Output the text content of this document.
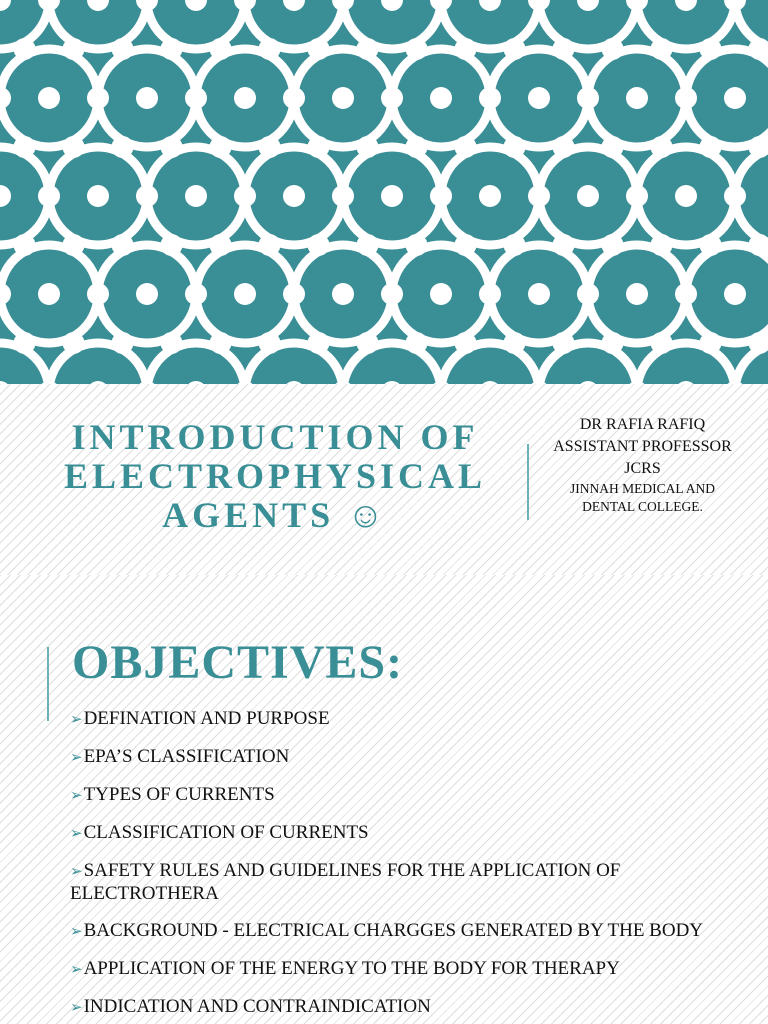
INTRODUCTION OF

ELECTROPHYSICAL

AGENTS ☺

DR RAFIA RAFIQ
ASSISTANT PROFESSOR
JCRS
JINNAH MEDICAL AND
DENTAL COLLEGE.
OBJECTIVES:
➢DEFINATION AND PURPOSE
➢EPA’S CLASSIFICATION
➢TYPES OF CURRENTS
➢CLASSIFICATION OF CURRENTS
➢SAFETY RULES AND GUIDELINES FOR THE APPLICATION OF ELECTROTHERA
➢BACKGROUND - ELECTRICAL CHARGGES GENERATED BY THE BODY
➢APPLICATION OF THE ENERGY TO THE BODY FOR THERAPY
➢INDICATION AND CONTRAINDICATION
